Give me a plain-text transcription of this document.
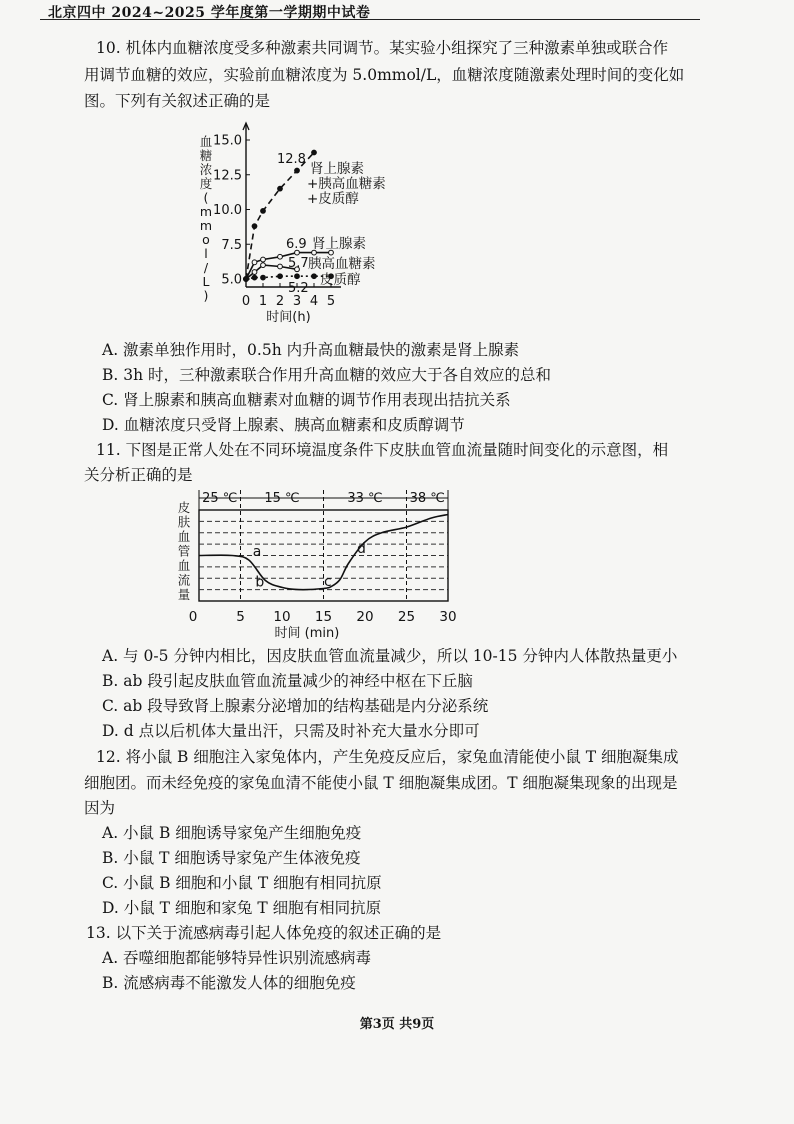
北京四中 2024~2025 学年度第一学期期中试卷
10. 机体内血糖浓度受多种激素共同调节。某实验小组探究了三种激素单独或联合作
用调节血糖的效应，实验前血糖浓度为 5.0mmol/L，血糖浓度随激素处理时间的变化如
图。下列有关叙述正确的是
5.0
7.5
10.0
12.5
15.0
0 1 2 3 4 5
血
糖
浓
度
(
m
m
o
l
/
L
)
时间(h)
12.8
6.9
5.7
5.2
肾上腺素
+胰高血糖素
+皮质醇
肾上腺素
胰高血糖素
皮质醇
A. 激素单独作用时，0.5h 内升高血糖最快的激素是肾上腺素
B. 3h 时，三种激素联合作用升高血糖的效应大于各自效应的总和
C. 肾上腺素和胰高血糖素对血糖的调节作用表现出拮抗关系
D. 血糖浓度只受肾上腺素、胰高血糖素和皮质醇调节
11. 下图是正常人处在不同环境温度条件下皮肤血管血流量随时间变化的示意图，相
关分析正确的是
25 ℃ 15 ℃	33 ℃ 38 ℃
0	5 10 15 20 25 30
皮
肤
血
管
血
流
量
时间 (min)
a
b	c
d
A. 与 0-5 分钟内相比，因皮肤血管血流量减少，所以 10-15 分钟内人体散热量更小
B. ab 段引起皮肤血管血流量减少的神经中枢在下丘脑
C. ab 段导致肾上腺素分泌增加的结构基础是内分泌系统
D. d 点以后机体大量出汗，只需及时补充大量水分即可
12. 将小鼠 B 细胞注入家兔体内，产生免疫反应后，家兔血清能使小鼠 T 细胞凝集成
细胞团。而未经免疫的家兔血清不能使小鼠 T 细胞凝集成团。T 细胞凝集现象的出现是
因为
A. 小鼠 B 细胞诱导家兔产生细胞免疫
B. 小鼠 T 细胞诱导家兔产生体液免疫
C. 小鼠 B 细胞和小鼠 T 细胞有相同抗原
D. 小鼠 T 细胞和家兔 T 细胞有相同抗原
13. 以下关于流感病毒引起人体免疫的叙述正确的是
A. 吞噬细胞都能够特异性识别流感病毒
B. 流感病毒不能激发人体的细胞免疫
第3页 共9页
